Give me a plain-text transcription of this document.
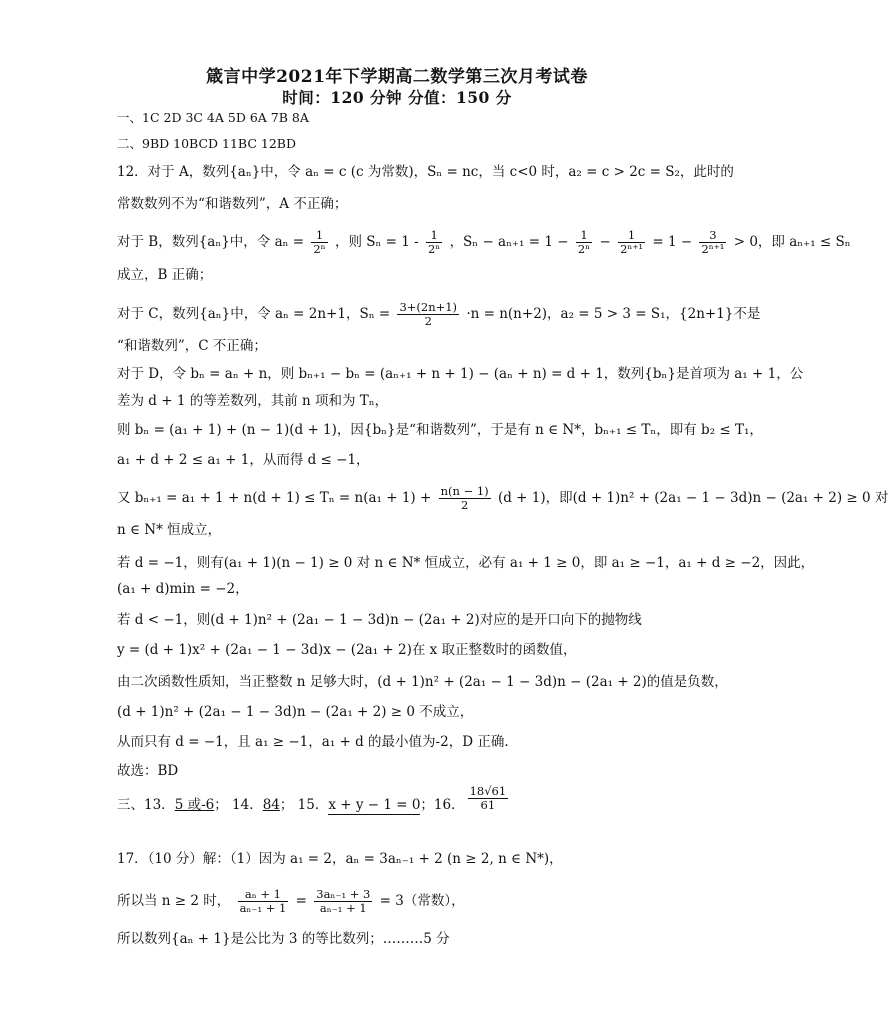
箴言中学2021年下学期高二数学第三次月考试卷
时间：120 分钟 分值：150 分
一、1C 2D 3C 4A 5D 6A 7B 8A
二、9BD 10BCD 11BC 12BD
12．对于 A，数列{aₙ}中，令 aₙ = c (c 为常数)，Sₙ = nc，当 c<0 时，a₂ = c > 2c = S₂，此时的
常数数列不为“和谐数列”，A 不正确；
对于 B，数列{aₙ}中，令 $a_n = \frac{1}{\text{2ⁿ}}$ ，则 $S_n = 1 - \frac{1}{\text{2ⁿ}}$ ，$S_n - a_{n+1} = 1 - \frac{1}{\text{2ⁿ}} - \frac{1}{\text{2ⁿ⁺¹}} = 1 - \frac{3}{\text{2ⁿ⁺¹}} > 0$，即 aₙ₊₁ ≤ Sₙ
成立，B 正确；
对于 C，数列{aₙ}中，令 aₙ = 2n+1，$S_n = \frac{3+(2n+1)}{2} \cdot n = n(n+2)$，a₂ = 5 > 3 = S₁，{2n+1}不是
“和谐数列”，C 不正确；
对于 D，令 bₙ = aₙ + n，则 bₙ₊₁ − bₙ = (aₙ₊₁ + n + 1) − (aₙ + n) = d + 1，数列{bₙ}是首项为 a₁ + 1，公
差为 d + 1 的等差数列，其前 n 项和为 Tₙ，
则 bₙ = (a₁ + 1) + (n − 1)(d + 1)，因{bₙ}是“和谐数列”，于是有 n ∈ N*，bₙ₊₁ ≤ Tₙ，即有 b₂ ≤ T₁，
a₁ + d + 2 ≤ a₁ + 1，从而得 d ≤ −1，
又 $b_{n+1} = a_1 + 1 + n(d + 1) \le T_n = n(a_1 + 1) + \frac{n(n - 1)}{2} (d + 1)$，即(d + 1)n² + (2a₁ − 1 − 3d)n − (2a₁ + 2) ≥ 0 对
n ∈ N* 恒成立，
若 d = −1，则有(a₁ + 1)(n − 1) ≥ 0 对 n ∈ N* 恒成立，必有 a₁ + 1 ≥ 0，即 a₁ ≥ −1，a₁ + d ≥ −2，因此，
(a₁ + d)min = −2，
若 d < −1，则(d + 1)n² + (2a₁ − 1 − 3d)n − (2a₁ + 2)对应的是开口向下的抛物线
y = (d + 1)x² + (2a₁ − 1 − 3d)x − (2a₁ + 2)在 x 取正整数时的函数值，
由二次函数性质知，当正整数 n 足够大时，(d + 1)n² + (2a₁ − 1 − 3d)n − (2a₁ + 2)的值是负数，
(d + 1)n² + (2a₁ − 1 − 3d)n − (2a₁ + 2) ≥ 0 不成立，
从而只有 d = −1，且 a₁ ≥ −1，a₁ + d 的最小值为-2，D 正确.
故选：BD
三、13．5 或-6； 14．84； 15．x + y − 1 = 0；16． $\frac{18√61}{61}$
17．（10 分）解：（1）因为 a₁ = 2，aₙ = 3aₙ₋₁ + 2 (n ≥ 2, n ∈ N*)，
所以当 n ≥ 2 时， $\frac{\text{aₙ + 1}}{\text{aₙ₋₁ + 1}} = \frac{\text{3aₙ₋₁ + 3}}{\text{aₙ₋₁ + 1}} = 3$（常数），
所以数列{aₙ + 1}是公比为 3 的等比数列；………5 分
